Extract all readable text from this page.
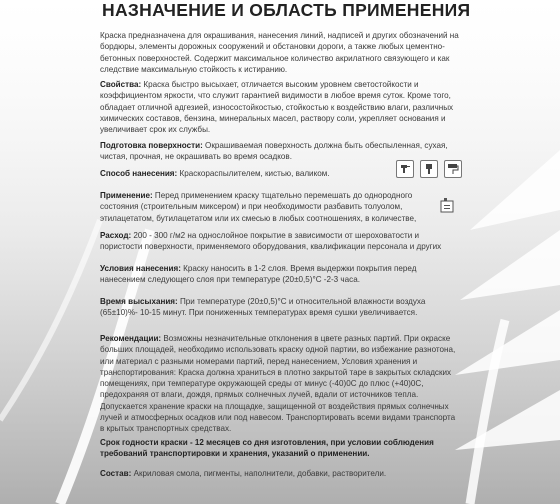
НАЗНАЧЕНИЕ И ОБЛАСТЬ ПРИМЕНЕНИЯ
Краска предназначена для окрашивания, нанесения линий, надписей и других обозначений на бордюры, элементы дорожных сооружений и обстановки дороги, а также любых цементно-бетонных поверхностей. Содержит максимальное количество акрилатного связующего и как следствие максимальную стойкость к истиранию.
Свойства: Краска быстро высыхает, отличается высоким уровнем светостойкости и коэффициентом яркости, что служит гарантией видимости в любое время суток. Кроме того, обладает отличной адгезией, износостойкостью, стойкостью к воздействию влаги, различных химических составов, бензина, минеральных масел, раствору соли, укрепляет основания и увеличивает срок их службы.
Подготовка поверхности: Окрашиваемая поверхность должна быть обеспыленная, сухая, чистая, прочная, не окрашивать во время осадков.
Способ нанесения: Краскораспылителем, кистью, валиком.
Применение: Перед применением краску тщательно перемешать до однородного состояния (строительным миксером) и при необходимости разбавить толуолом, этилацетатом, бутилацетатом или их смесью в любых соотношениях, в количестве,
Расход: 200 - 300 г/м2 на однослойное покрытие в зависимости от шероховатости и пористости поверхности, применяемого оборудования, квалификации персонала и других
Условия нанесения: Краску наносить в 1-2 слоя. Время выдержки покрытия перед нанесением следующего слоя при температуре (20±0,5)°С -2-3 часа.
Время высыхания: При температуре (20±0,5)°С и относительной влажности воздуха (65±10)%- 10-15 минут. При пониженных температурах время сушки увеличивается.
Рекомендации: Возможны незначительные отклонения в цвете разных партий. При окраске больших площадей, необходимо использовать краску одной партии, во избежание разнотона, или материал с разными номерами партий, перед нанесением, Условия хранения и транспортирования: Краска должна храниться в плотно закрытой таре в закрытых складских помещениях, при температуре окружающей среды от минус (-40)0С до плюс (+40)0С, предохраняя от влаги, дождя, прямых солнечных лучей, вдали от источников тепла. Допускается хранение краски на площадке, защищенной от воздействия прямых солнечных лучей и атмосферных осадков или под навесом. Транспортировать всеми видами транспорта в крытых транспортных средствах.
Срок годности краски - 12 месяцев со дня изготовления, при условии соблюдения требований транспортировки и хранения, указаний о применении.
Состав: Акриловая смола, пигменты, наполнители, добавки, растворители.
